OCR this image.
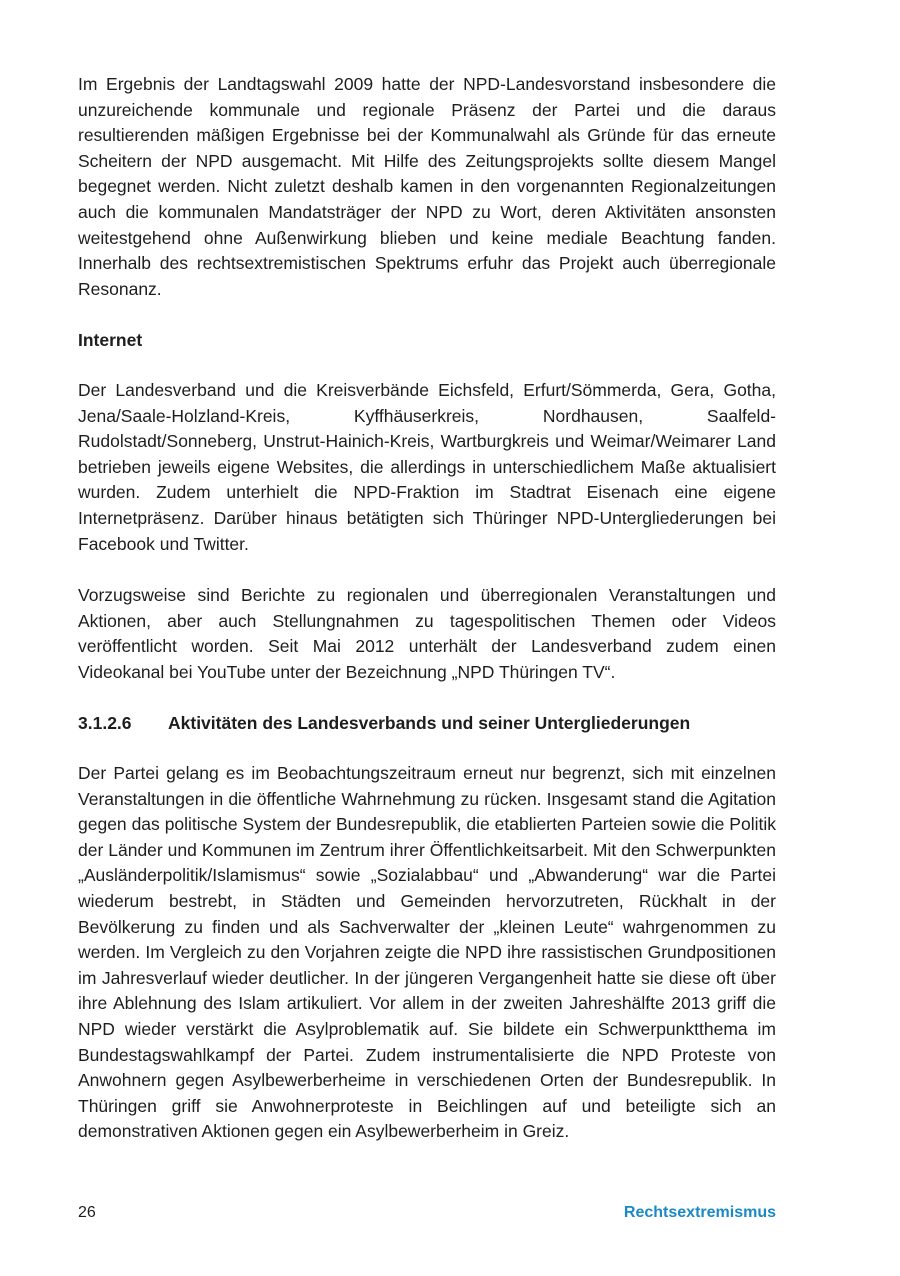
Im Ergebnis der Landtagswahl 2009 hatte der NPD-Landesvorstand insbesondere die unzureichende kommunale und regionale Präsenz der Partei und die daraus resultierenden mäßigen Ergebnisse bei der Kommunalwahl als Gründe für das erneute Scheitern der NPD ausgemacht. Mit Hilfe des Zeitungsprojekts sollte diesem Mangel begegnet werden. Nicht zuletzt deshalb kamen in den vorgenannten Regionalzeitungen auch die kommunalen Mandatsträger der NPD zu Wort, deren Aktivitäten ansonsten weitestgehend ohne Außenwirkung blieben und keine mediale Beachtung fanden. Innerhalb des rechtsextremistischen Spektrums erfuhr das Projekt auch überregionale Resonanz.

Internet

Der Landesverband und die Kreisverbände Eichsfeld, Erfurt/Sömmerda, Gera, Gotha, Jena/Saale-Holzland-Kreis, Kyffhäuserkreis, Nordhausen, Saalfeld-Rudolstadt/Sonneberg, Unstrut-Hainich-Kreis, Wartburgkreis und Weimar/Weimarer Land betrieben jeweils eigene Websites, die allerdings in unterschiedlichem Maße aktualisiert wurden. Zudem unterhielt die NPD-Fraktion im Stadtrat Eisenach eine eigene Internetpräsenz. Darüber hinaus betätigten sich Thüringer NPD-Untergliederungen bei Facebook und Twitter.

Vorzugsweise sind Berichte zu regionalen und überregionalen Veranstaltungen und Aktionen, aber auch Stellungnahmen zu tagespolitischen Themen oder Videos veröffentlicht worden. Seit Mai 2012 unterhält der Landesverband zudem einen Videokanal bei YouTube unter der Bezeichnung „NPD Thüringen TV“.

3.1.2.6 Aktivitäten des Landesverbands und seiner Untergliederungen

Der Partei gelang es im Beobachtungszeitraum erneut nur begrenzt, sich mit einzelnen Veranstaltungen in die öffentliche Wahrnehmung zu rücken. Insgesamt stand die Agitation gegen das politische System der Bundesrepublik, die etablierten Parteien sowie die Politik der Länder und Kommunen im Zentrum ihrer Öffentlichkeitsarbeit. Mit den Schwerpunkten „Ausländerpolitik/Islamismus“ sowie „Sozialabbau“ und „Abwanderung“ war die Partei wiederum bestrebt, in Städten und Gemeinden hervorzutreten, Rückhalt in der Bevölkerung zu finden und als Sachverwalter der „kleinen Leute“ wahrgenommen zu werden. Im Vergleich zu den Vorjahren zeigte die NPD ihre rassistischen Grundpositionen im Jahresverlauf wieder deutlicher. In der jüngeren Vergangenheit hatte sie diese oft über ihre Ablehnung des Islam artikuliert. Vor allem in der zweiten Jahreshälfte 2013 griff die NPD wieder verstärkt die Asylproblematik auf. Sie bildete ein Schwerpunktthema im Bundestagswahlkampf der Partei. Zudem instrumentalisierte die NPD Proteste von Anwohnern gegen Asylbewerberheime in verschiedenen Orten der Bundesrepublik. In Thüringen griff sie Anwohnerproteste in Beichlingen auf und beteiligte sich an demonstrativen Aktionen gegen ein Asylbewerberheim in Greiz.

26	Rechtsextremismus
